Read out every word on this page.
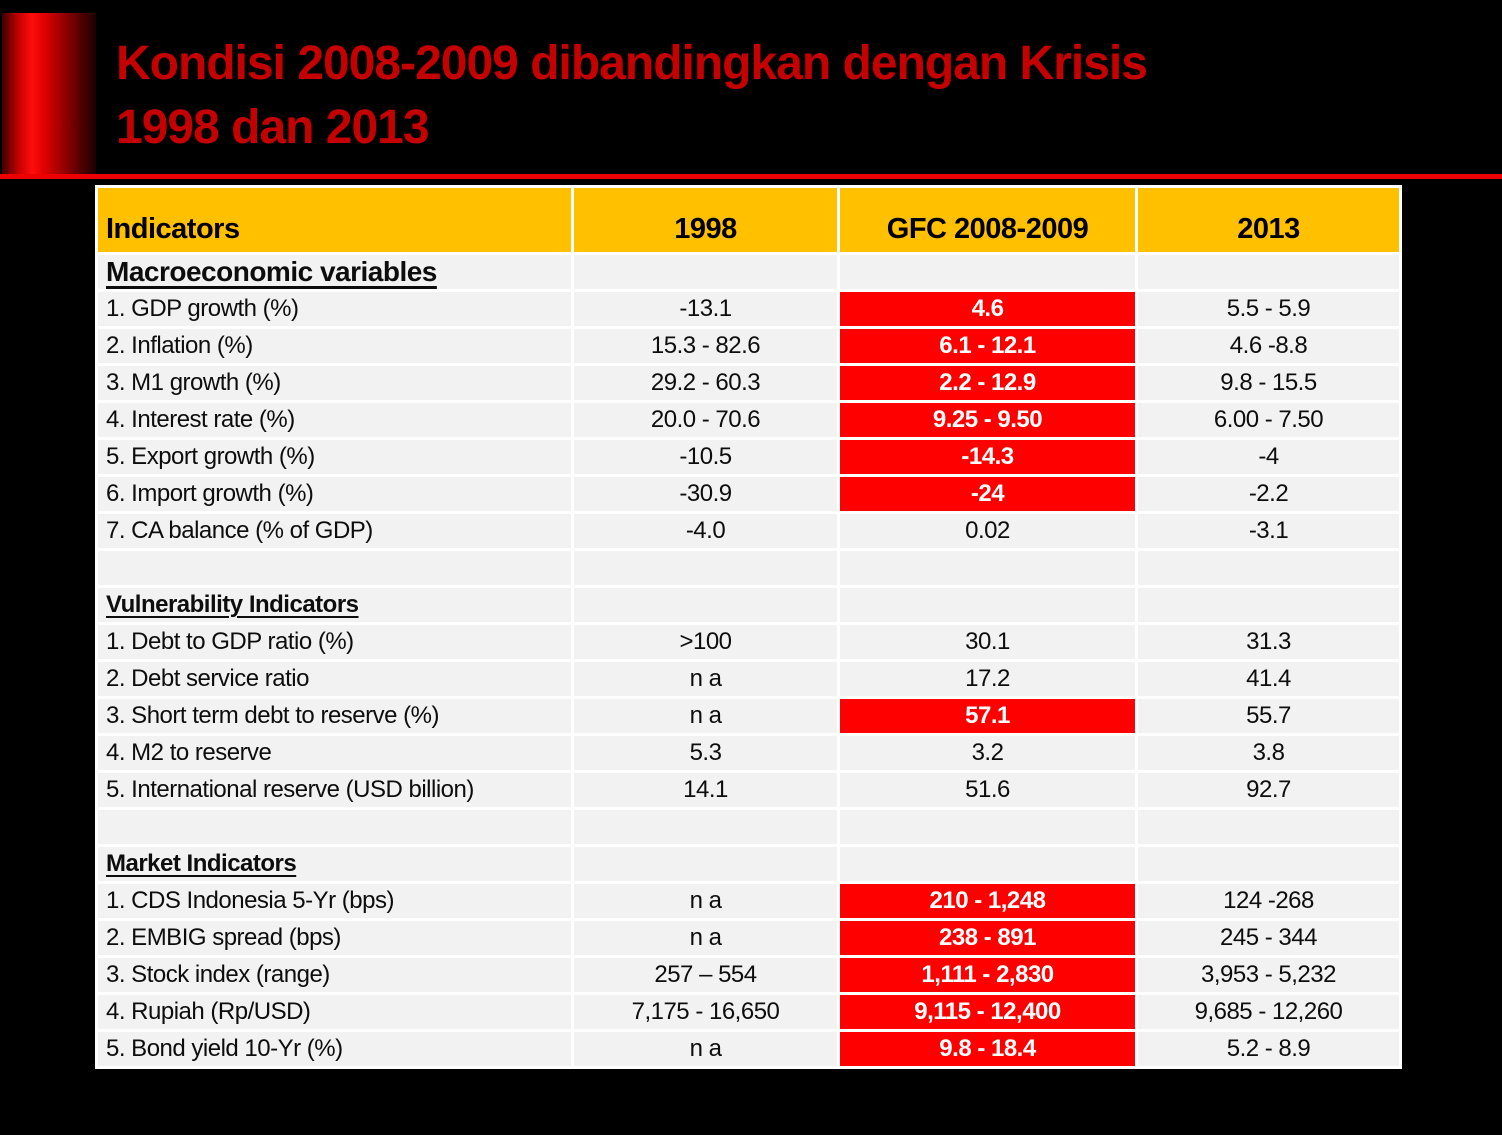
Kondisi 2008-2009 dibandingkan dengan Krisis
1998 dan 2013
Indicators	1998	GFC 2008-2009	2013
Macroeconomic variables
1. GDP growth (%)	-13.1	4.6	5.5 - 5.9
2. Inflation (%)	15.3 - 82.6	6.1 - 12.1	4.6 -8.8
3. M1 growth (%)	29.2 - 60.3	2.2 - 12.9	9.8 - 15.5
4. Interest rate (%)	20.0 - 70.6	9.25 - 9.50	6.00 - 7.50
5. Export growth (%)	-10.5	-14.3	-4
6. Import growth (%)	-30.9	-24	-2.2
7. CA balance (% of GDP)	-4.0	0.02	-3.1
Vulnerability Indicators
1. Debt to GDP ratio (%)	>100	30.1	31.3
2. Debt service ratio	n a	17.2	41.4
3. Short term debt to reserve (%)	n a	57.1	55.7
4. M2 to reserve	5.3	3.2	3.8
5. International reserve (USD billion)	14.1	51.6	92.7
Market Indicators
1. CDS Indonesia 5-Yr (bps)	n a	210 - 1,248	124 -268
2. EMBIG spread (bps)	n a	238 - 891	245 - 344
3. Stock index (range)	257 – 554	1,111 - 2,830	3,953 - 5,232
4. Rupiah (Rp/USD)	7,175 - 16,650	9,115 - 12,400	9,685 - 12,260
5. Bond yield 10-Yr (%)	n a	9.8 - 18.4	5.2 - 8.9
